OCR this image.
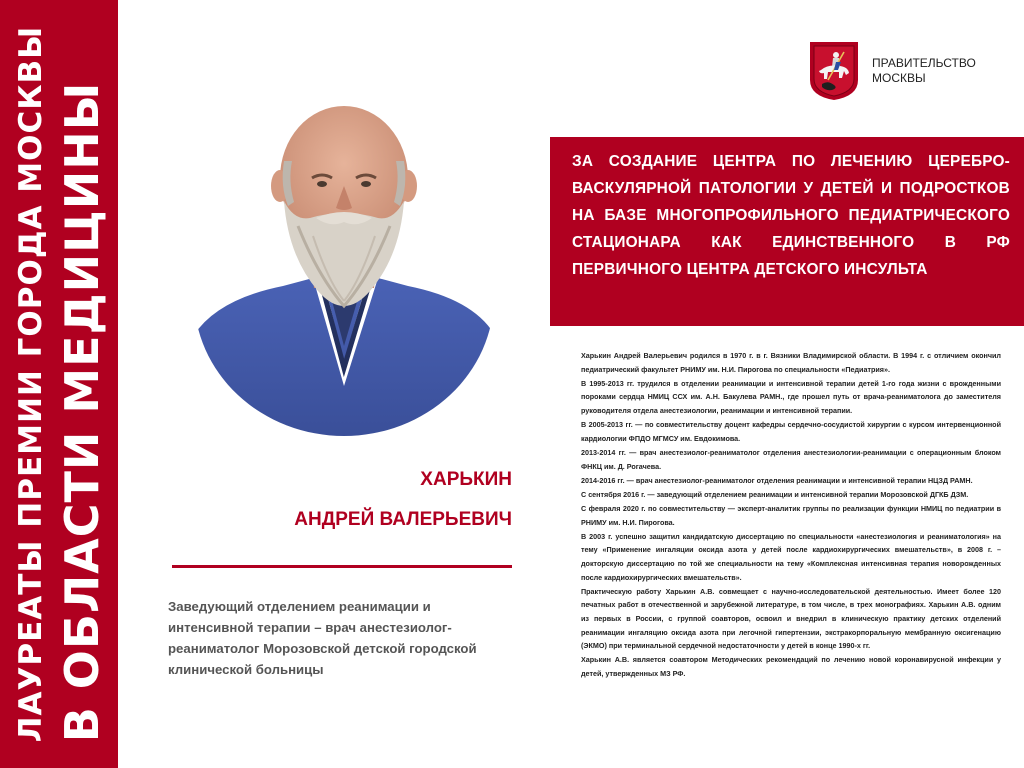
ЛАУРЕАТЫ ПРЕМИИ ГОРОДА МОСКВЫ В ОБЛАСТИ МЕДИЦИНЫ
ПРАВИТЕЛЬСТВО
МОСКВЫ

ЗА СОЗДАНИЕ ЦЕНТРА ПО ЛЕЧЕНИЮ ЦЕРЕБРО-ВАСКУЛЯРНОЙ ПАТОЛОГИИ У ДЕТЕЙ И ПОДРОСТКОВ НА БАЗЕ МНОГОПРОФИЛЬНОГО ПЕДИАТРИЧЕСКОГО СТАЦИОНАРА КАК ЕДИНСТВЕННОГО В РФ ПЕРВИЧНОГО ЦЕНТРА ДЕТСКОГО ИНСУЛЬТА

ХАРЬКИН
АНДРЕЙ ВАЛЕРЬЕВИЧ

Заведующий отделением реанимации и интенсивной терапии – врач анестезиолог-реаниматолог Морозовской детской городской клинической больницы

Харькин Андрей Валерьевич родился в 1970 г. в г. Вязники Владимирской области. В 1994 г. с отличием окончил педиатрический факультет РНИМУ им. Н.И. Пирогова по специальности «Педиатрия».

В 1995-2013 гг. трудился в отделении реанимации и интенсивной терапии детей 1-го года жизни с врожденными пороками сердца НМИЦ ССХ им. А.Н. Бакулева РАМН., где прошел путь от врача-реаниматолога до заместителя руководителя отдела анестезиологии, реанимации и интенсивной терапии.

В 2005-2013 гг. — по совместительству доцент кафедры сердечно-сосудистой хирургии с курсом интервенционной кардиологии ФПДО МГМСУ им. Евдокимова.

2013-2014 гг. — врач анестезиолог-реаниматолог отделения анестезиологии-реанимации с операционным блоком ФНКЦ им. Д. Рогачева.

2014-2016 гг. — врач анестезиолог-реаниматолог отделения реанимации и интенсивной терапии НЦЗД РАМН.

С сентября 2016 г. — заведующий отделением реанимации и интенсивной терапии Морозовской ДГКБ ДЗМ.

С февраля 2020 г. по совместительству — эксперт-аналитик группы по реализации функции НМИЦ по педиатрии в РНИМУ им. Н.И. Пирогова.

В 2003 г. успешно защитил кандидатскую диссертацию по специальности «анестезиология и реаниматология» на тему «Применение ингаляции оксида азота у детей после кардиохирургических вмешательств», в 2008 г. – докторскую диссертацию по той же специальности на тему «Комплексная интенсивная терапия новорожденных после кардиохирургических вмешательств».

Практическую работу Харькин А.В. совмещает с научно-исследовательской деятельностью. Имеет более 120 печатных работ в отечественной и зарубежной литературе, в том числе, в трех монографиях. Харькин А.В. одним из первых в России, с группой соавторов, освоил и внедрил в клиническую практику детских отделений реанимации ингаляцию оксида азота при легочной гипертензии, экстракорпоральную мембранную оксигенацию (ЭКМО) при терминальной сердечной недостаточности у детей в конце 1990-х гг.

Харькин А.В. является соавтором Методических рекомендаций по лечению новой коронавирусной инфекции у детей, утвержденных МЗ РФ.
